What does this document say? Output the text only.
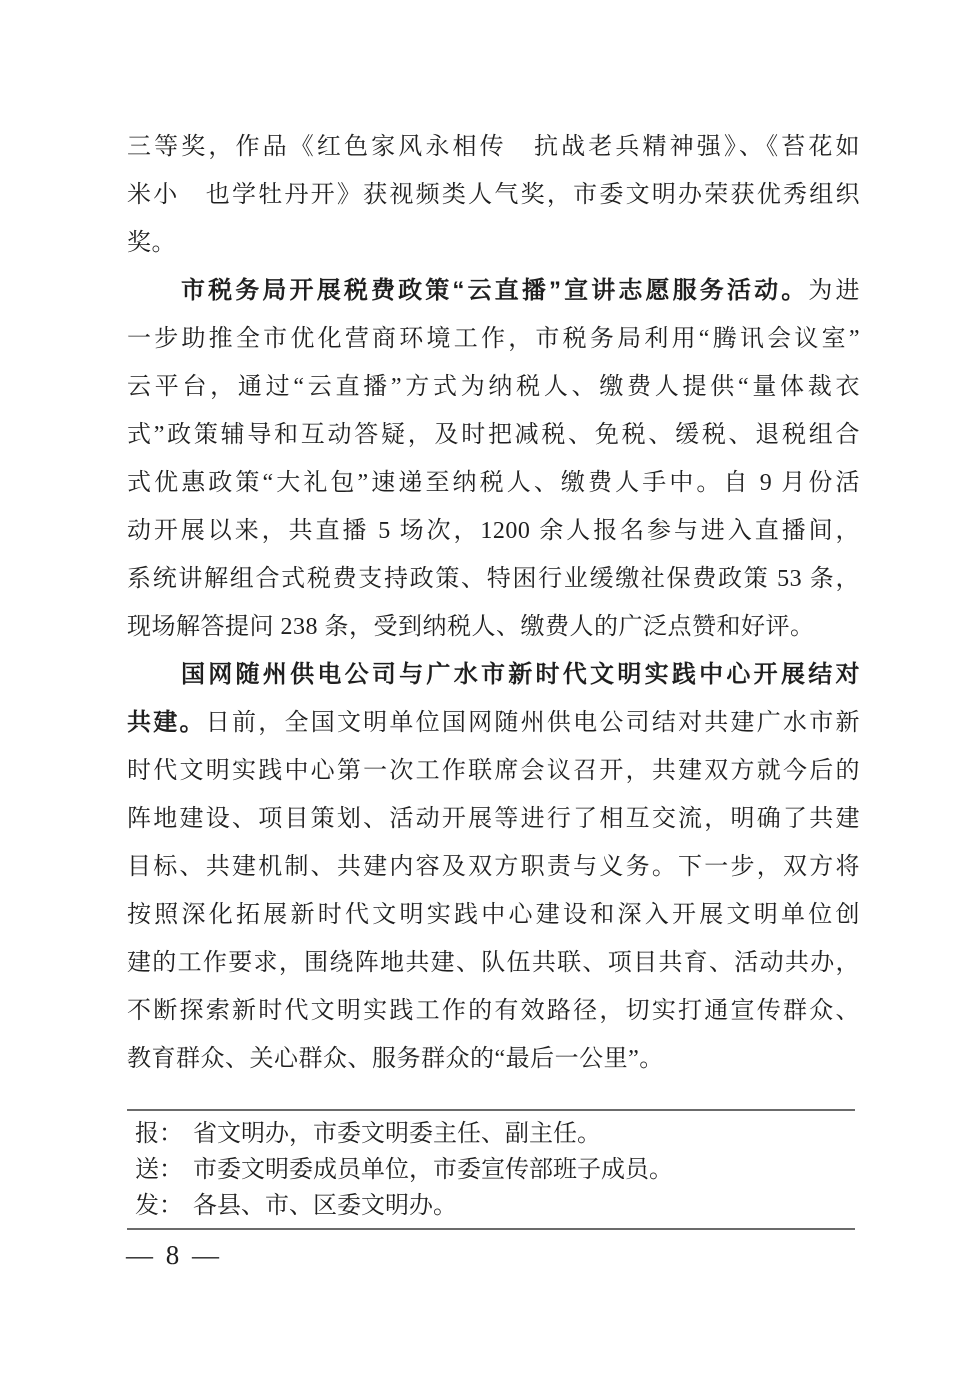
三等奖，作品《红色家风永相传　抗战老兵精神强》、《苔花如
米小　也学牡丹开》获视频类人气奖，市委文明办荣获优秀组织
奖。
市税务局开展税费政策“云直播”宣讲志愿服务活动。为进
一步助推全市优化营商环境工作，市税务局利用“腾讯会议室”
云平台，通过“云直播”方式为纳税人、缴费人提供“量体裁衣
式”政策辅导和互动答疑，及时把减税、免税、缓税、退税组合
式优惠政策“大礼包”速递至纳税人、缴费人手中。自 9 月份活
动开展以来，共直播 5 场次，1200 余人报名参与进入直播间，
系统讲解组合式税费支持政策、特困行业缓缴社保费政策 53 条，
现场解答提问 238 条，受到纳税人、缴费人的广泛点赞和好评。
国网随州供电公司与广水市新时代文明实践中心开展结对
共建。日前，全国文明单位国网随州供电公司结对共建广水市新
时代文明实践中心第一次工作联席会议召开，共建双方就今后的
阵地建设、项目策划、活动开展等进行了相互交流，明确了共建
目标、共建机制、共建内容及双方职责与义务。下一步，双方将
按照深化拓展新时代文明实践中心建设和深入开展文明单位创
建的工作要求，围绕阵地共建、队伍共联、项目共育、活动共办，
不断探索新时代文明实践工作的有效路径，切实打通宣传群众、
教育群众、关心群众、服务群众的“最后一公里”。
报： 省文明办，市委文明委主任、副主任。
送： 市委文明委成员单位，市委宣传部班子成员。
发： 各县、市、区委文明办。
— 8 —
